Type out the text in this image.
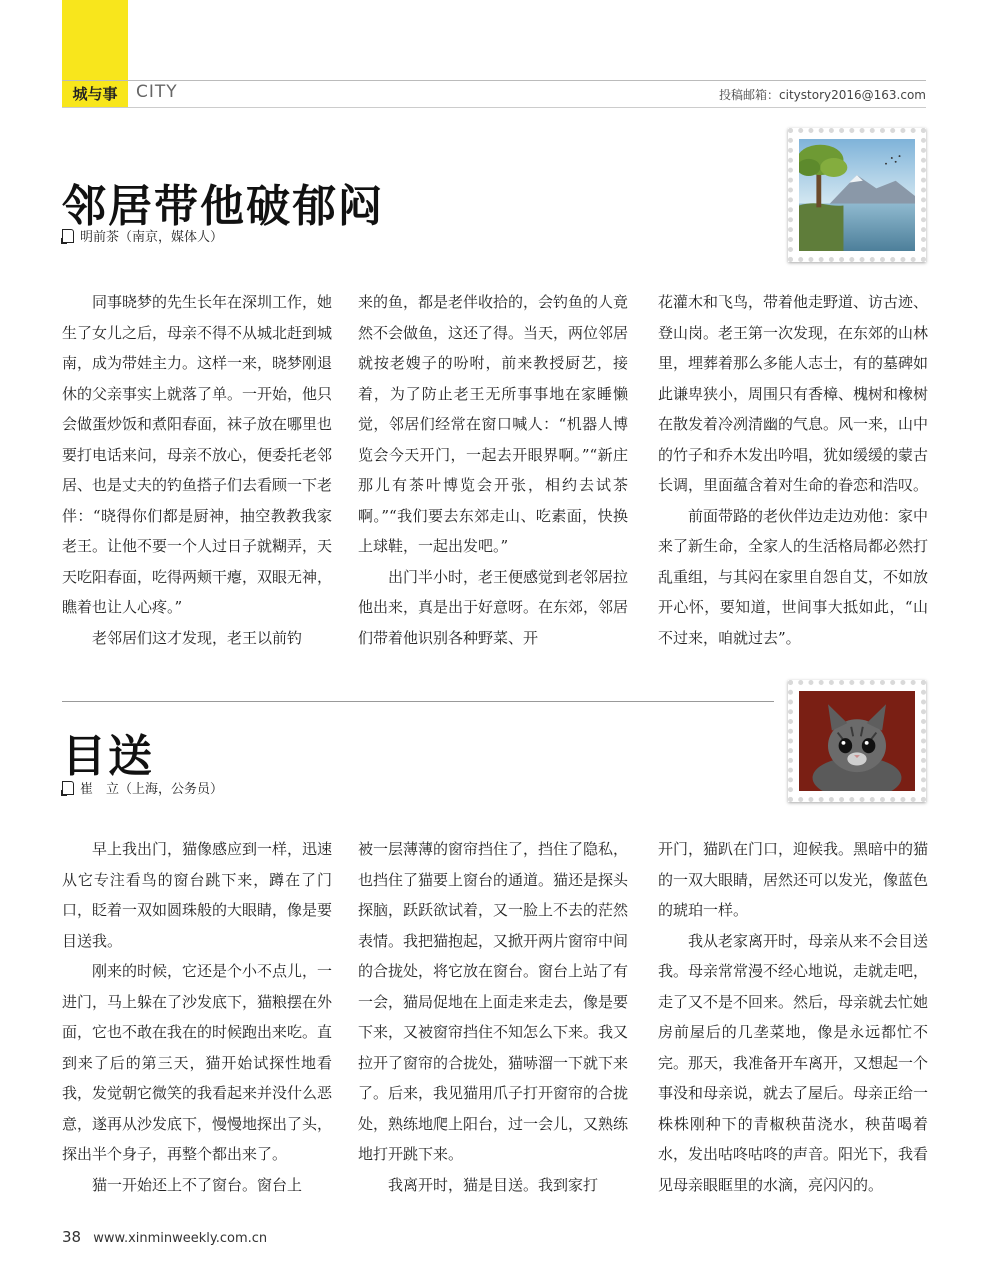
城与事	CITY	投稿邮箱：citystory2016@163.com
邻居带他破郁闷
明前茶（南京，媒体人）

同事晓梦的先生长年在深圳工作，她生了女儿之后，母亲不得不从城北赶到城南，成为带娃主力。这样一来，晓梦刚退休的父亲事实上就落了单。一开始，他只会做蛋炒饭和煮阳春面，袜子放在哪里也要打电话来问，母亲不放心，便委托老邻居、也是丈夫的钓鱼搭子们去看顾一下老伴：“晓得你们都是厨神，抽空教教我家老王。让他不要一个人过日子就糊弄，天天吃阳春面，吃得两颊干瘪，双眼无神，瞧着也让人心疼。”

老邻居们这才发现，老王以前钓

来的鱼，都是老伴收拾的，会钓鱼的人竟然不会做鱼，这还了得。当天，两位邻居就按老嫂子的吩咐，前来教授厨艺，接着，为了防止老王无所事事地在家睡懒觉，邻居们经常在窗口喊人：“机器人博览会今天开门，一起去开眼界啊。”“新庄那儿有茶叶博览会开张，相约去试茶啊。”“我们要去东郊走山、吃素面，快换上球鞋，一起出发吧。”

出门半小时，老王便感觉到老邻居拉他出来，真是出于好意呀。在东郊，邻居们带着他识别各种野菜、开

花灌木和飞鸟，带着他走野道、访古迹、登山岗。老王第一次发现，在东郊的山林里，埋葬着那么多能人志士，有的墓碑如此谦卑狭小，周围只有香樟、槐树和橡树在散发着冷冽清幽的气息。风一来，山中的竹子和乔木发出吟唱，犹如缓缓的蒙古长调，里面蕴含着对生命的眷恋和浩叹。

前面带路的老伙伴边走边劝他：家中来了新生命，全家人的生活格局都必然打乱重组，与其闷在家里自怨自艾，不如放开心怀，要知道，世间事大抵如此，“山不过来，咱就过去”。

目送
崔　立（上海，公务员）

早上我出门，猫像感应到一样，迅速从它专注看鸟的窗台跳下来，蹲在了门口，眨着一双如圆珠般的大眼睛，像是要目送我。

刚来的时候，它还是个小不点儿，一进门，马上躲在了沙发底下，猫粮摆在外面，它也不敢在我在的时候跑出来吃。直到来了后的第三天，猫开始试探性地看我，发觉朝它微笑的我看起来并没什么恶意，遂再从沙发底下，慢慢地探出了头，探出半个身子，再整个都出来了。

猫一开始还上不了窗台。窗台上

被一层薄薄的窗帘挡住了，挡住了隐私，也挡住了猫要上窗台的通道。猫还是探头探脑，跃跃欲试着，又一脸上不去的茫然表情。我把猫抱起，又掀开两片窗帘中间的合拢处，将它放在窗台。窗台上站了有一会，猫局促地在上面走来走去，像是要下来，又被窗帘挡住不知怎么下来。我又拉开了窗帘的合拢处，猫哧溜一下就下来了。后来，我见猫用爪子打开窗帘的合拢处，熟练地爬上阳台，过一会儿，又熟练地打开跳下来。

我离开时，猫是目送。我到家打

开门，猫趴在门口，迎候我。黑暗中的猫的一双大眼睛，居然还可以发光，像蓝色的琥珀一样。

我从老家离开时，母亲从来不会目送我。母亲常常漫不经心地说，走就走吧，走了又不是不回来。然后，母亲就去忙她房前屋后的几垄菜地，像是永远都忙不完。那天，我准备开车离开，又想起一个事没和母亲说，就去了屋后。母亲正给一株株刚种下的青椒秧苗浇水，秧苗喝着水，发出咕咚咕咚的声音。阳光下，我看见母亲眼眶里的水滴，亮闪闪的。

38 www.xinminweekly.com.cn
